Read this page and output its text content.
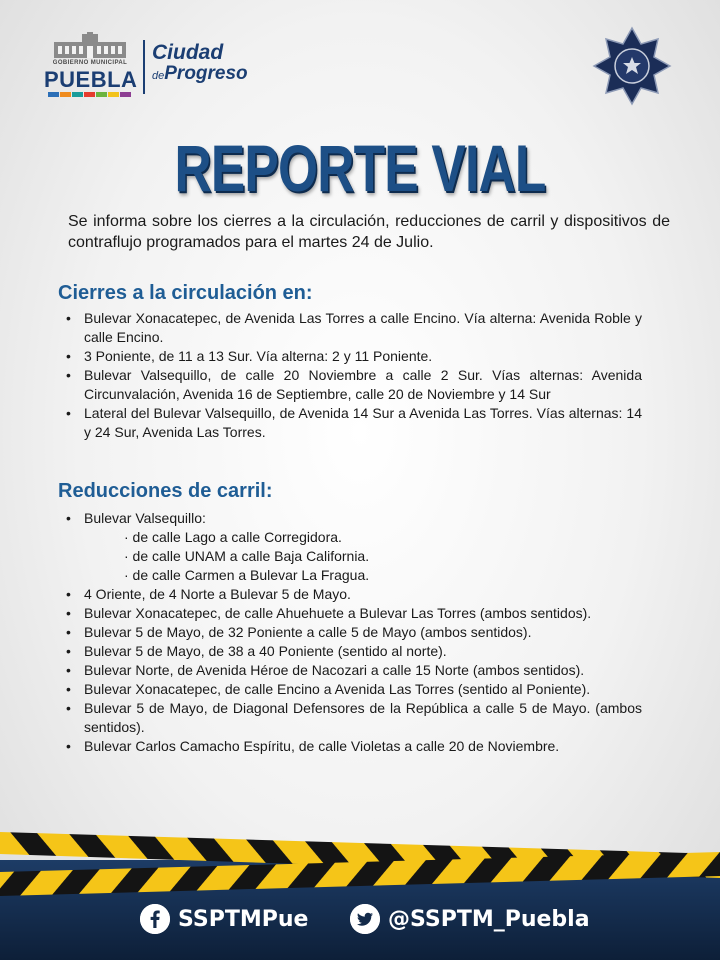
GOBIERNO MUNICIPAL
PUEBLA
Ciudad
deProgreso
REPORTE VIAL

Se informa sobre los cierres a la circulación, reducciones de carril y dispositivos de contraflujo programados para el martes 24 de Julio.

Cierres a la circulación en:
• Bulevar Xonacatepec, de Avenida Las Torres a calle Encino. Vía alterna: Avenida Roble y calle Encino.
• 3 Poniente, de 11 a 13 Sur. Vía alterna: 2 y 11 Poniente.
• Bulevar Valsequillo, de calle 20 Noviembre a calle 2 Sur. Vías alternas: Avenida Circunvalación, Avenida 16 de Septiembre, calle 20 de Noviembre y 14 Sur
• Lateral del Bulevar Valsequillo, de Avenida 14 Sur a Avenida Las Torres. Vías alternas: 14 y 24 Sur, Avenida Las Torres.
Reducciones de carril:
• Bulevar Valsequillo:
· de calle Lago a calle Corregidora.
· de calle UNAM a calle Baja California.
· de calle Carmen a Bulevar La Fragua.
• 4 Oriente, de 4 Norte a Bulevar 5 de Mayo.
• Bulevar Xonacatepec, de calle Ahuehuete a Bulevar Las Torres (ambos sentidos).
• Bulevar 5 de Mayo, de 32 Poniente a calle 5 de Mayo (ambos sentidos).
• Bulevar 5 de Mayo, de 38 a 40 Poniente (sentido al norte).
• Bulevar Norte, de Avenida Héroe de Nacozari a calle 15 Norte (ambos sentidos).
• Bulevar Xonacatepec, de calle Encino a Avenida Las Torres (sentido al Poniente).
• Bulevar 5 de Mayo, de Diagonal Defensores de la República a calle 5 de Mayo. (ambos sentidos).
• Bulevar Carlos Camacho Espíritu, de calle Violetas a calle 20 de Noviembre.
SSPTMPue	@SSPTM_Puebla
